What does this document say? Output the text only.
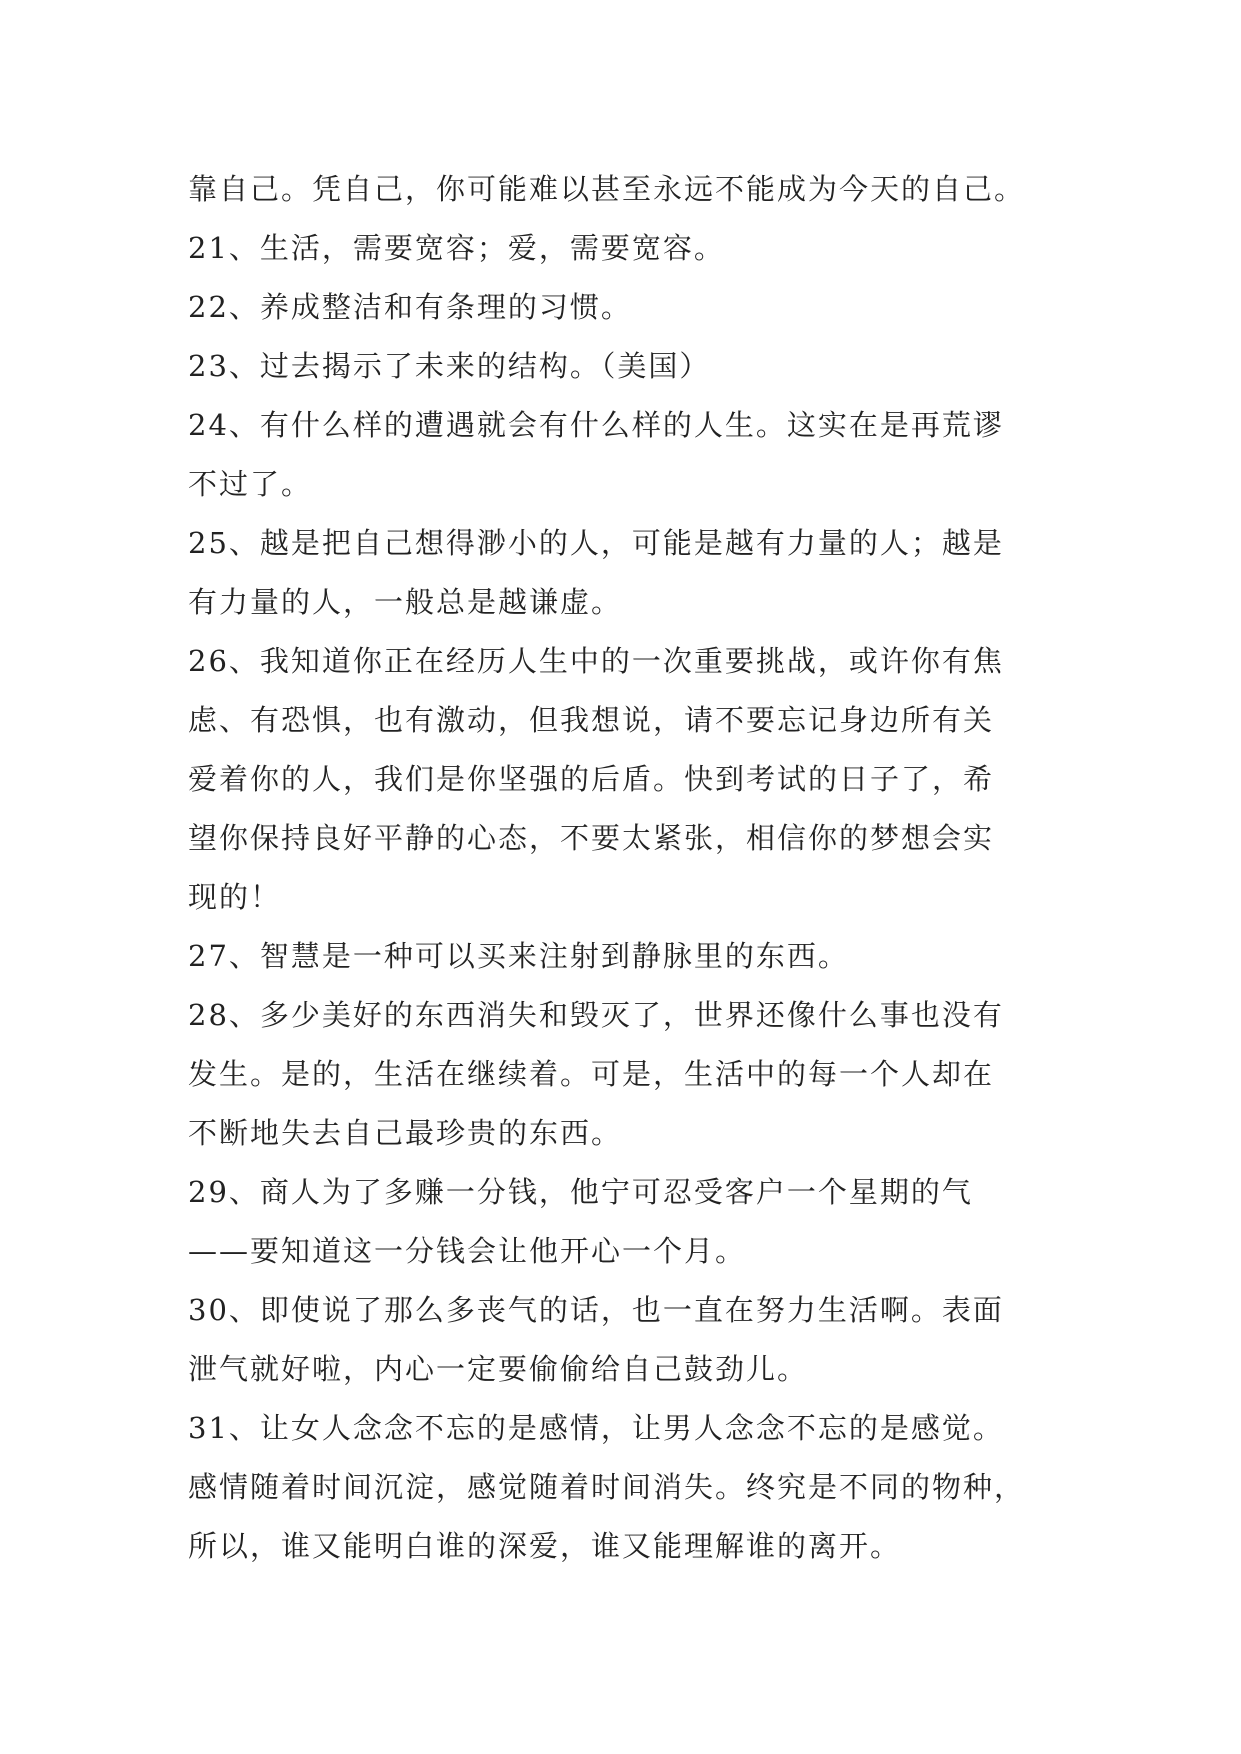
靠自己。凭自己，你可能难以甚至永远不能成为今天的自己。
21、生活，需要宽容；爱，需要宽容。
22、养成整洁和有条理的习惯。
23、过去揭示了未来的结构。（美国）
24、有什么样的遭遇就会有什么样的人生。这实在是再荒谬
不过了。
25、越是把自己想得渺小的人，可能是越有力量的人；越是
有力量的人，一般总是越谦虚。
26、我知道你正在经历人生中的一次重要挑战，或许你有焦
虑、有恐惧，也有激动，但我想说，请不要忘记身边所有关
爱着你的人，我们是你坚强的后盾。快到考试的日子了，希
望你保持良好平静的心态，不要太紧张，相信你的梦想会实
现的！
27、智慧是一种可以买来注射到静脉里的东西。
28、多少美好的东西消失和毁灭了，世界还像什么事也没有
发生。是的，生活在继续着。可是，生活中的每一个人却在
不断地失去自己最珍贵的东西。
29、商人为了多赚一分钱，他宁可忍受客户一个星期的气
——要知道这一分钱会让他开心一个月。
30、即使说了那么多丧气的话，也一直在努力生活啊。表面
泄气就好啦，内心一定要偷偷给自己鼓劲儿。
31、让女人念念不忘的是感情，让男人念念不忘的是感觉。
感情随着时间沉淀，感觉随着时间消失。终究是不同的物种，
所以，谁又能明白谁的深爱，谁又能理解谁的离开。
